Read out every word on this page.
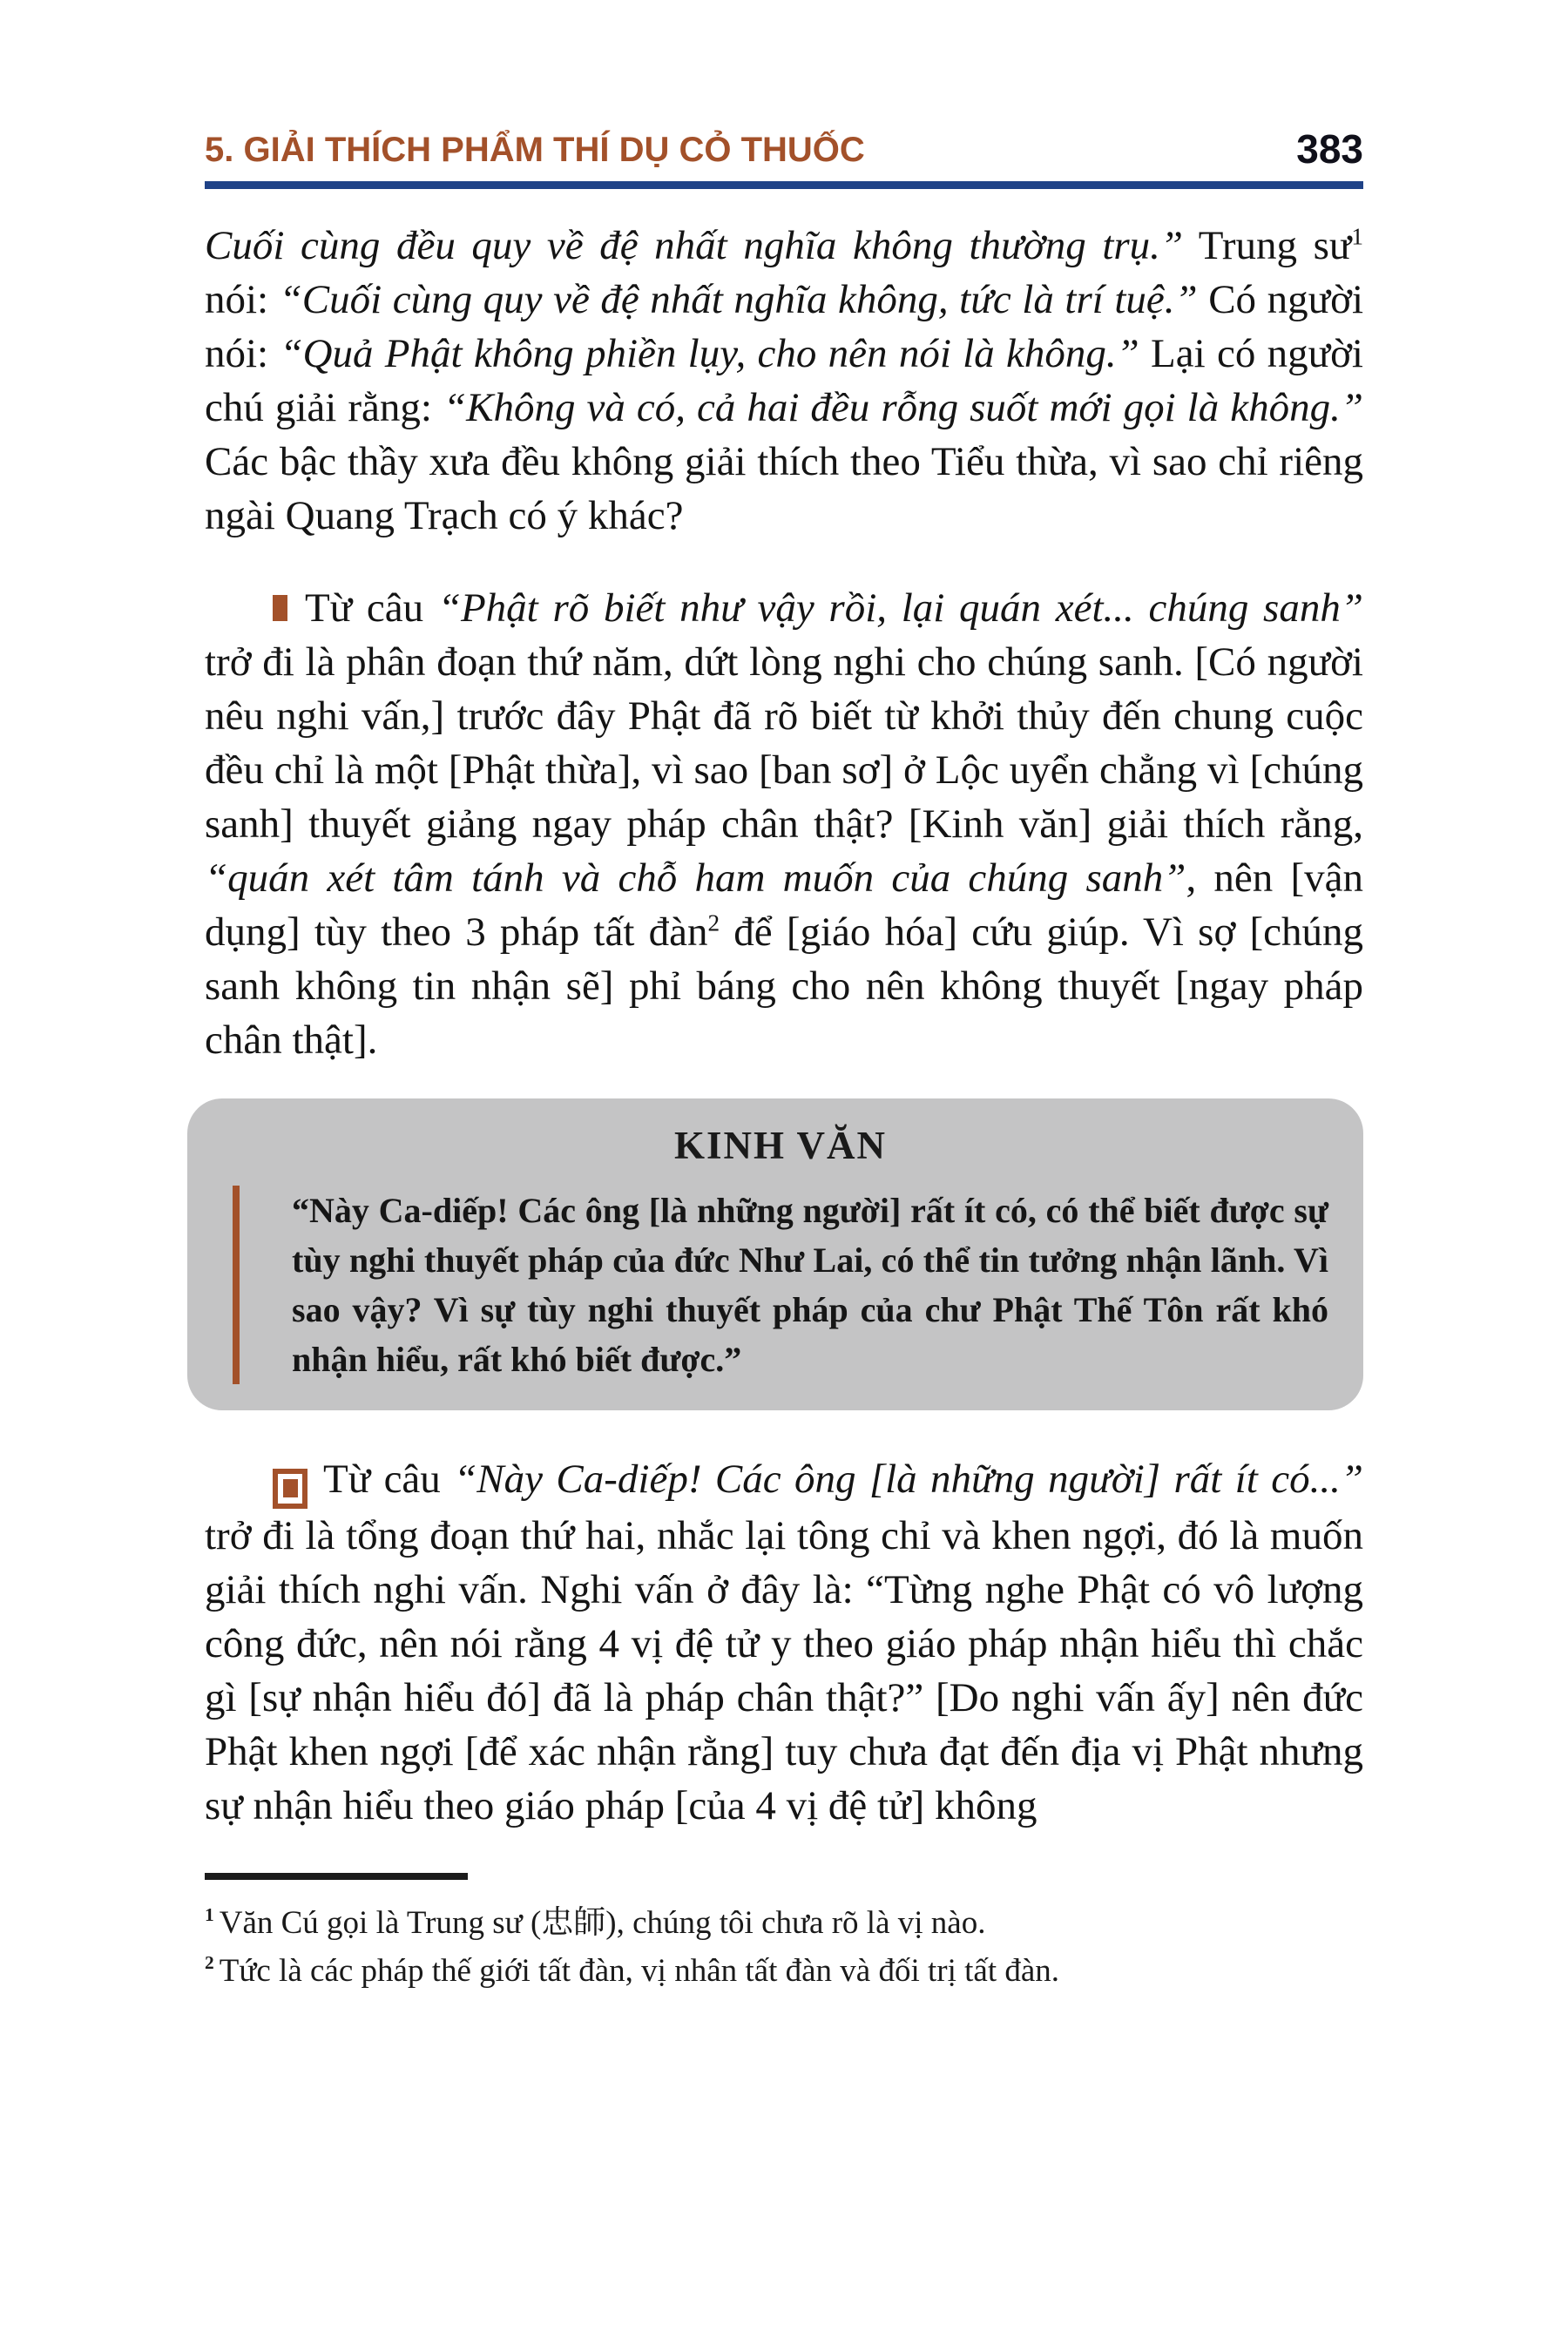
5. GIẢI THÍCH PHẨM THÍ DỤ CỎ THUỐC	383

Cuối cùng đều quy về đệ nhất nghĩa không thường trụ.” Trung $sư^1$ nói: “Cuối cùng quy về đệ nhất nghĩa không, tức là trí tuệ.” Có người nói: “Quả Phật không phiền lụy, cho nên nói là không.” Lại có người chú giải rằng: “Không và có, cả hai đều rỗng suốt mới gọi là không.” Các bậc thầy xưa đều không giải thích theo Tiểu thừa, vì sao chỉ riêng ngài Quang Trạch có ý khác?

Từ câu “Phật rõ biết như vậy rồi, lại quán xét... chúng sanh” trở đi là phân đoạn thứ năm, dứt lòng nghi cho chúng sanh. [Có người nêu nghi vấn,] trước đây Phật đã rõ biết từ khởi thủy đến chung cuộc đều chỉ là một [Phật thừa], vì sao [ban sơ] ở Lộc uyển chẳng vì [chúng sanh] thuyết giảng ngay pháp chân thật? [Kinh văn] giải thích rằng, “quán xét tâm tánh và chỗ ham muốn của chúng sanh”, nên [vận dụng] tùy theo 3 pháp tất đàn$^2$ để [giáo hóa] cứu giúp. Vì sợ [chúng sanh không tin nhận sẽ] phỉ báng cho nên không thuyết [ngay pháp chân thật].

KINH VĂN
“Này Ca-diếp! Các ông [là những người] rất ít có, có thể biết được sự tùy nghi thuyết pháp của đức Như Lai, có thể tin tưởng nhận lãnh. Vì sao vậy? Vì sự tùy nghi thuyết pháp của chư Phật Thế Tôn rất khó nhận hiểu, rất khó biết được.”

Từ câu “Này Ca-diếp! Các ông [là những người] rất ít có...” trở đi là tổng đoạn thứ hai, nhắc lại tông chỉ và khen ngợi, đó là muốn giải thích nghi vấn. Nghi vấn ở đây là: “Từng nghe Phật có vô lượng công đức, nên nói rằng 4 vị đệ tử y theo giáo pháp nhận hiểu thì chắc gì [sự nhận hiểu đó] đã là pháp chân thật?” [Do nghi vấn ấy] nên đức Phật khen ngợi [để xác nhận rằng] tuy chưa đạt đến địa vị Phật nhưng sự nhận hiểu theo giáo pháp [của 4 vị đệ tử] không

$^1$ Văn Cú gọi là Trung sư (忠師), chúng tôi chưa rõ là vị nào.
$^2$ Tức là các pháp thế giới tất đàn, vị nhân tất đàn và đối trị tất đàn.
